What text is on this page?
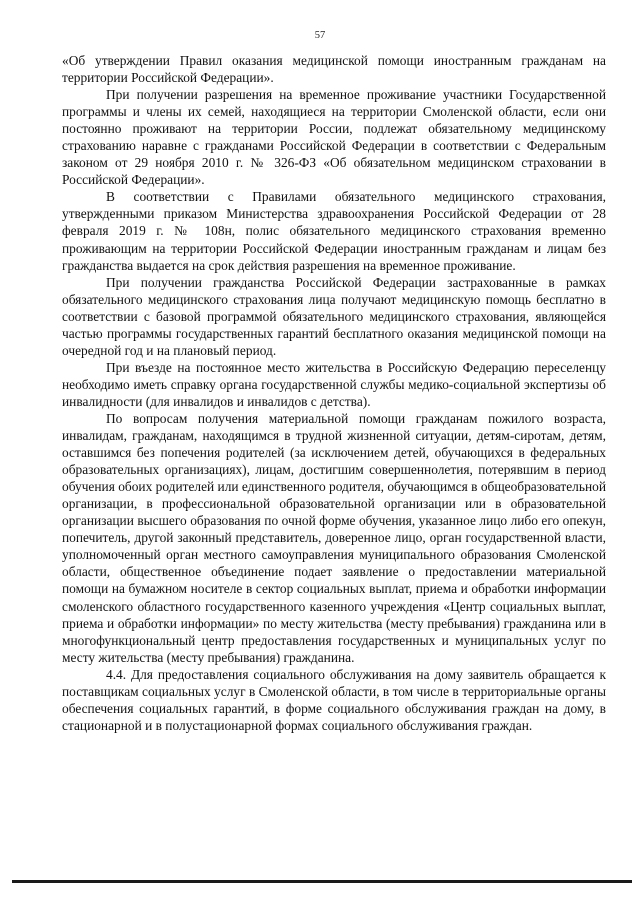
57

«Об утверждении Правил оказания медицинской помощи иностранным гражданам на территории Российской Федерации».

При получении разрешения на временное проживание участники Государственной программы и члены их семей, находящиеся на территории Смоленской области, если они постоянно проживают на территории России, подлежат обязательному медицинскому страхованию наравне с гражданами Российской Федерации в соответствии с Федеральным законом от 29 ноября 2010 г. № 326-ФЗ «Об обязательном медицинском страховании в Российской Федерации».

В соответствии с Правилами обязательного медицинского страхования, утвержденными приказом Министерства здравоохранения Российской Федерации от 28 февраля 2019 г. № 108н, полис обязательного медицинского страхования временно проживающим на территории Российской Федерации иностранным гражданам и лицам без гражданства выдается на срок действия разрешения на временное проживание.

При получении гражданства Российской Федерации застрахованные в рамках обязательного медицинского страхования лица получают медицинскую помощь бесплатно в соответствии с базовой программой обязательного медицинского страхования, являющейся частью программы государственных гарантий бесплатного оказания медицинской помощи на очередной год и на плановый период.

При въезде на постоянное место жительства в Российскую Федерацию переселенцу необходимо иметь справку органа государственной службы медико-социальной экспертизы об инвалидности (для инвалидов и инвалидов с детства).

По вопросам получения материальной помощи гражданам пожилого возраста, инвалидам, гражданам, находящимся в трудной жизненной ситуации, детям-сиротам, детям, оставшимся без попечения родителей (за исключением детей, обучающихся в федеральных образовательных организациях), лицам, достигшим совершеннолетия, потерявшим в период обучения обоих родителей или единственного родителя, обучающимся в общеобразовательной организации, в профессиональной образовательной организации или в образовательной организации высшего образования по очной форме обучения, указанное лицо либо его опекун, попечитель, другой законный представитель, доверенное лицо, орган государственной власти, уполномоченный орган местного самоуправления муниципального образования Смоленской области, общественное объединение подает заявление о предоставлении материальной помощи на бумажном носителе в сектор социальных выплат, приема и обработки информации смоленского областного государственного казенного учреждения «Центр социальных выплат, приема и обработки информации» по месту жительства (месту пребывания) гражданина или в многофункциональный центр предоставления государственных и муниципальных услуг по месту жительства (месту пребывания) гражданина.

4.4. Для предоставления социального обслуживания на дому заявитель обращается к поставщикам социальных услуг в Смоленской области, в том числе в территориальные органы обеспечения социальных гарантий, в форме социального обслуживания граждан на дому, в стационарной и в полустационарной формах социального обслуживания граждан.
